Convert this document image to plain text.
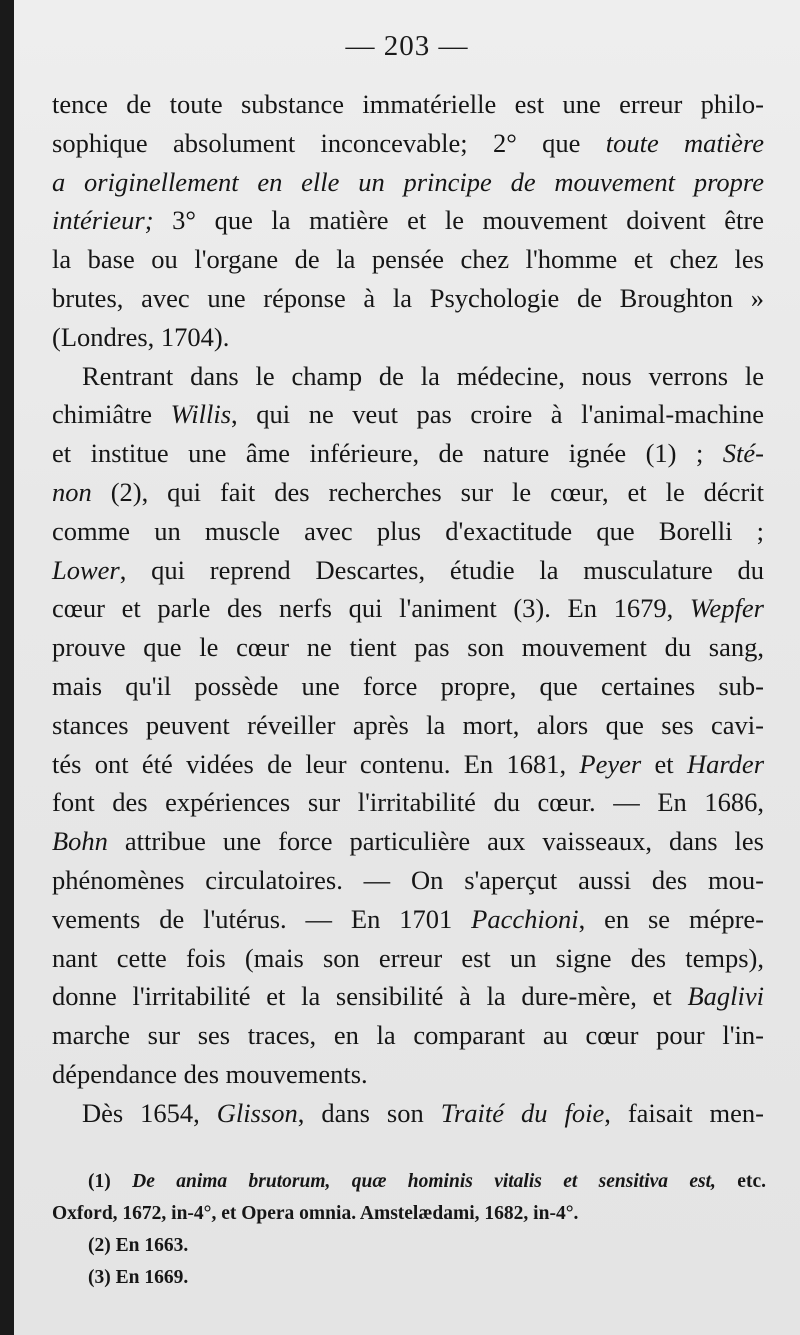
— 203 —
tence de toute substance immatérielle est une erreur philo-
sophique absolument inconcevable; 2° que toute matière
a originellement en elle un principe de mouvement propre
intérieur; 3° que la matière et le mouvement doivent être
la base ou l'organe de la pensée chez l'homme et chez les
brutes, avec une réponse à la Psychologie de Broughton »
(Londres, 1704).
Rentrant dans le champ de la médecine, nous verrons le
chimiâtre Willis, qui ne veut pas croire à l'animal-machine
et institue une âme inférieure, de nature ignée (1) ; Sté-
non (2), qui fait des recherches sur le cœur, et le décrit
comme un muscle avec plus d'exactitude que Borelli ;
Lower, qui reprend Descartes, étudie la musculature du
cœur et parle des nerfs qui l'animent (3). En 1679, Wepfer
prouve que le cœur ne tient pas son mouvement du sang,
mais qu'il possède une force propre, que certaines sub-
stances peuvent réveiller après la mort, alors que ses cavi-
tés ont été vidées de leur contenu. En 1681, Peyer et Harder
font des expériences sur l'irritabilité du cœur. — En 1686,
Bohn attribue une force particulière aux vaisseaux, dans les
phénomènes circulatoires. — On s'aperçut aussi des mou-
vements de l'utérus. — En 1701 Pacchioni, en se mépre-
nant cette fois (mais son erreur est un signe des temps),
donne l'irritabilité et la sensibilité à la dure-mère, et Baglivi
marche sur ses traces, en la comparant au cœur pour l'in-
dépendance des mouvements.
Dès 1654, Glisson, dans son Traité du foie, faisait men-
(1) De anima brutorum, quæ hominis vitalis et sensitiva est, etc.
Oxford, 1672, in-4°, et Opera omnia. Amstelædami, 1682, in-4°.
(2) En 1663.
(3) En 1669.
